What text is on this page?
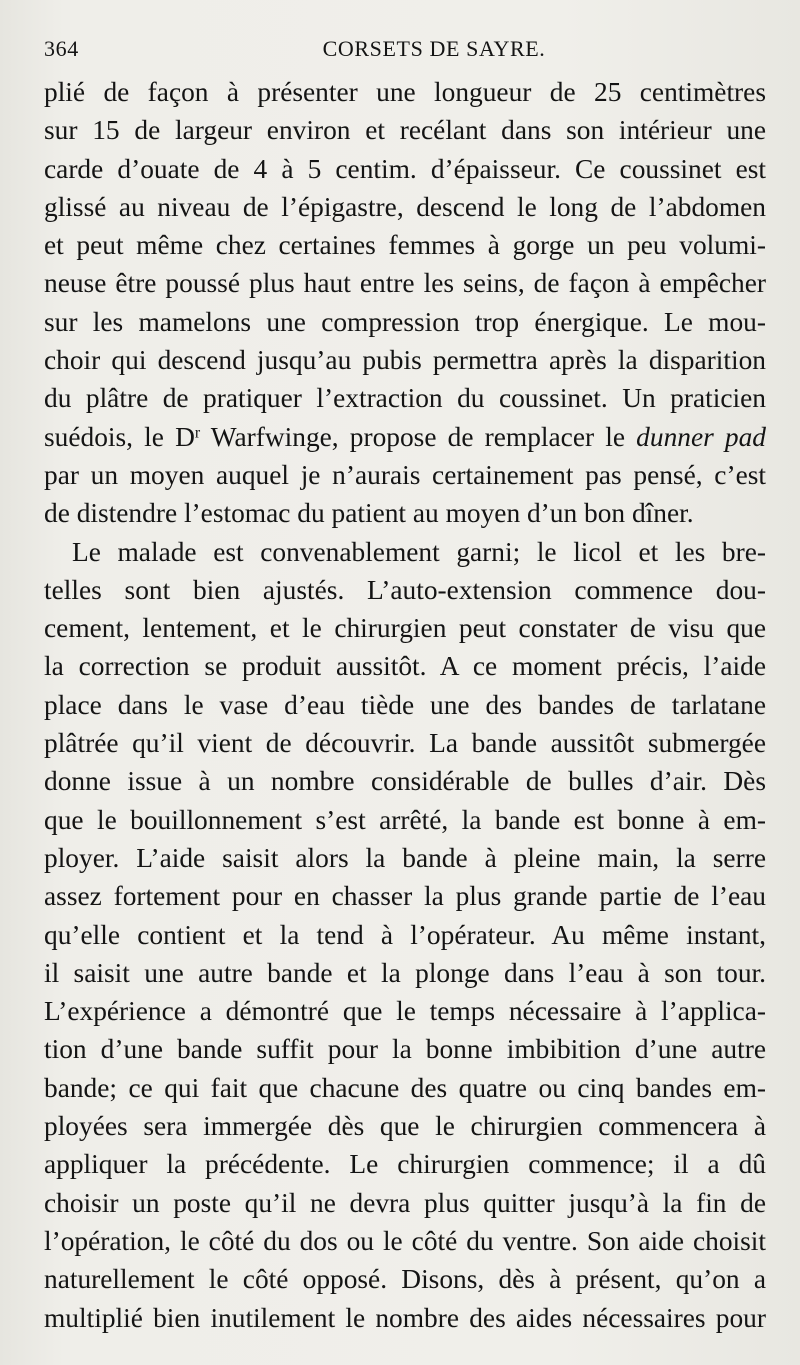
364	CORSETS DE SAYRE.
plié de façon à présenter une longueur de 25 centimètres
sur 15 de largeur environ et recélant dans son intérieur une
carde d’ouate de 4 à 5 centim. d’épaisseur. Ce coussinet est
glissé au niveau de l’épigastre, descend le long de l’abdomen
et peut même chez certaines femmes à gorge un peu volumi-
neuse être poussé plus haut entre les seins, de façon à empêcher
sur les mamelons une compression trop énergique. Le mou-
choir qui descend jusqu’au pubis permettra après la disparition
du plâtre de pratiquer l’extraction du coussinet. Un praticien
suédois, le $D^r$ Warfwinge, propose de remplacer le dunner pad
par un moyen auquel je n’aurais certainement pas pensé, c’est
de distendre l’estomac du patient au moyen d’un bon dîner.
Le malade est convenablement garni; le licol et les bre-
telles sont bien ajustés. L’auto-extension commence dou-
cement, lentement, et le chirurgien peut constater de visu que
la correction se produit aussitôt. A ce moment précis, l’aide
place dans le vase d’eau tiède une des bandes de tarlatane
plâtrée qu’il vient de découvrir. La bande aussitôt submergée
donne issue à un nombre considérable de bulles d’air. Dès
que le bouillonnement s’est arrêté, la bande est bonne à em-
ployer. L’aide saisit alors la bande à pleine main, la serre
assez fortement pour en chasser la plus grande partie de l’eau
qu’elle contient et la tend à l’opérateur. Au même instant,
il saisit une autre bande et la plonge dans l’eau à son tour.
L’expérience a démontré que le temps nécessaire à l’applica-
tion d’une bande suffit pour la bonne imbibition d’une autre
bande; ce qui fait que chacune des quatre ou cinq bandes em-
ployées sera immergée dès que le chirurgien commencera à
appliquer la précédente. Le chirurgien commence; il a dû
choisir un poste qu’il ne devra plus quitter jusqu’à la fin de
l’opération, le côté du dos ou le côté du ventre. Son aide choisit
naturellement le côté opposé. Disons, dès à présent, qu’on a
multiplié bien inutilement le nombre des aides nécessaires pour
